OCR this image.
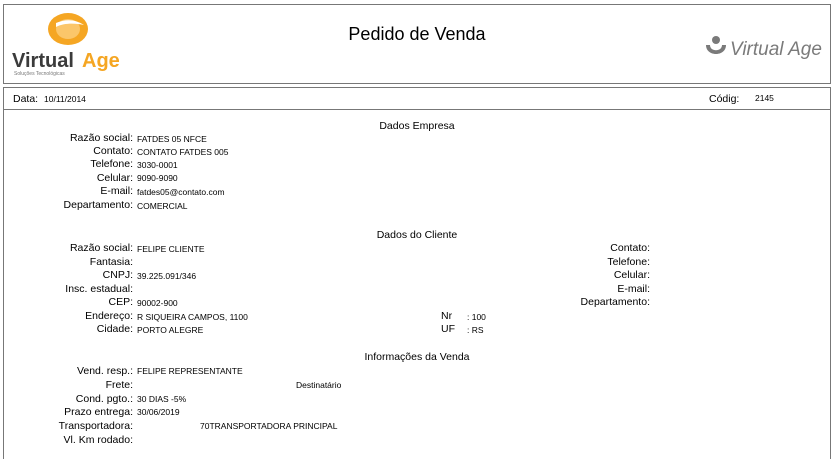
Virtual Age
Soluções Tecnológicas
Pedido de Venda
Virtual Age
Data: 10/11/2014	Códig: 2145
Dados Empresa
Razão social: FATDES 05 NFCE
Contato: CONTATO FATDES 005
Telefone: 3030-0001
Celular: 9090-9090
E-mail: fatdes05@contato.com
Departamento: COMERCIAL
Dados do Cliente
Razão social: FELIPE CLIENTE
Fantasia:
CNPJ: 39.225.091/346
Insc. estadual:
CEP: 90002-900
Endereço: R SIQUEIRA CAMPOS, 1100
Cidade: PORTO ALEGRE
Nr : 100
UF : RS
Contato:
Telefone:
Celular:
E-mail:
Departamento:
Informações da Venda
Vend. resp.: FELIPE REPRESENTANTE
Frete:	Destinatário
Cond. pgto.: 30 DIAS -5%
Prazo entrega: 30/06/2019
Transportadora:	70TRANSPORTADORA PRINCIPAL
Vl. Km rodado:
